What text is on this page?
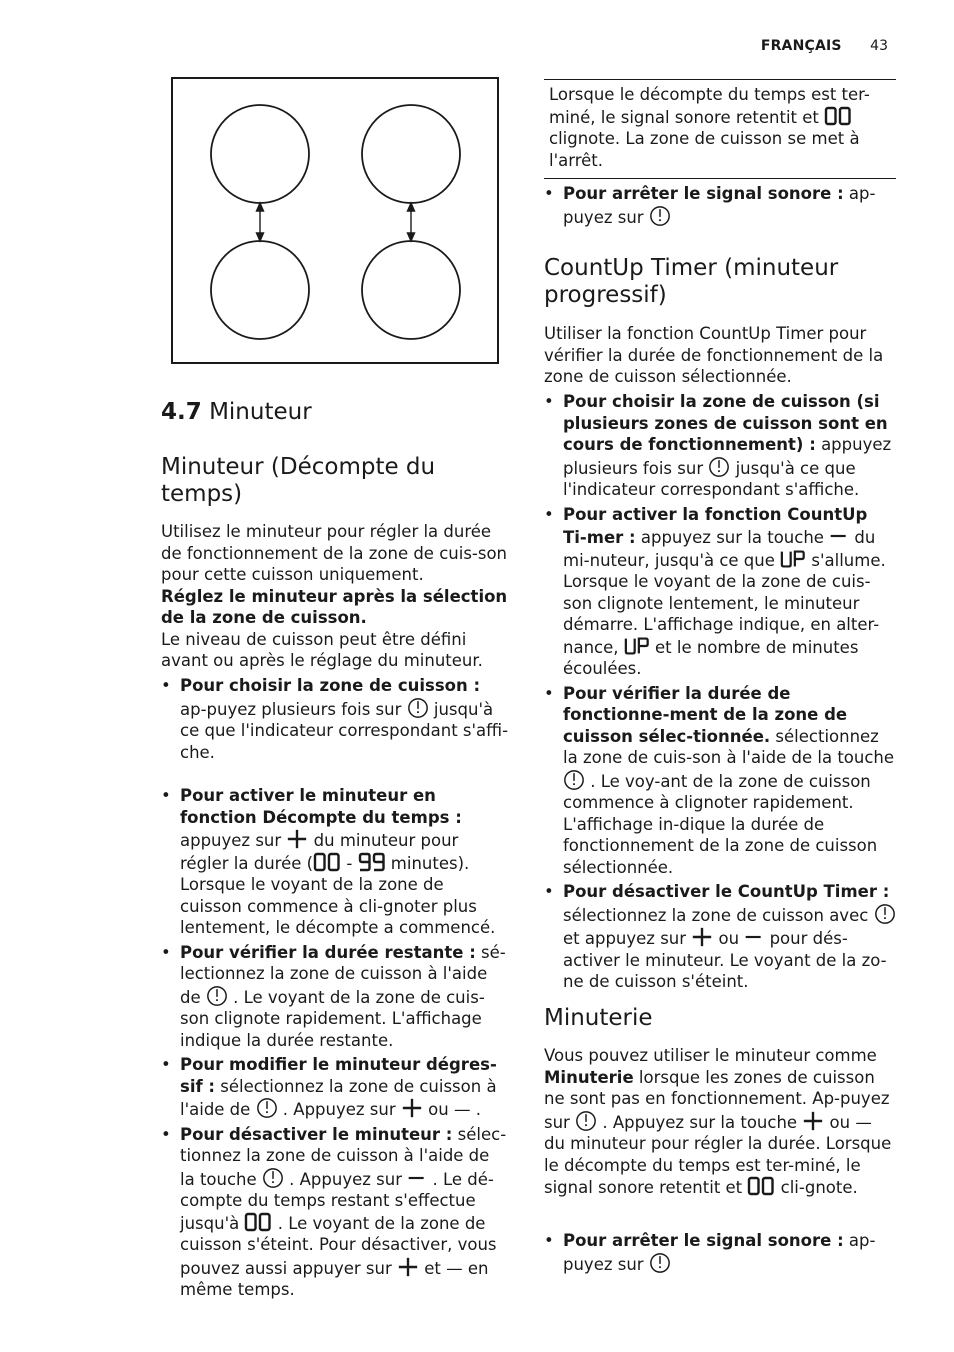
FRANÇAIS 43
4.7 Minuteur
Minuteur (Décompte du temps)

Utilisez le minuteur pour régler la durée de fonctionnement de la zone de cuis-son pour cette cuisson uniquement.

Réglez le minuteur après la sélection de la zone de cuisson.

Le niveau de cuisson peut être défini avant ou après le réglage du minuteur.

• Pour choisir la zone de cuisson : ap-puyez plusieurs fois sur
jusqu'à ce que l'indicateur correspondant s'affi-che.
• Pour activer le minuteur en fonction Décompte du temps : appuyez sur
du minuteur pour régler la durée (
-
minutes). Lorsque le voyant de la zone de cuisson commence à cli-gnoter plus lentement, le décompte a commencé.
• Pour vérifier la durée restante : sé-lectionnez la zone de cuisson à l'aide de
. Le voyant de la zone de cuis-son clignote rapidement. L'affichage indique la durée restante.
• Pour modifier le minuteur dégres-sif : sélectionnez la zone de cuisson à l'aide de
. Appuyez sur
ou — .
• Pour désactiver le minuteur : sélec-tionnez la zone de cuisson à l'aide de la touche
. Appuyez sur
. Le dé-compte du temps restant s'effectue jusqu'à
. Le voyant de la zone de cuisson s'éteint. Pour désactiver, vous pouvez aussi appuyer sur
et — en même temps.

Lorsque le décompte du temps est ter-miné, le signal sonore retentit et
clignote. La zone de cuisson se met à l'arrêt.

• Pour arrêter le signal sonore : ap-puyez sur
CountUp Timer (minuteur progressif)

Utiliser la fonction CountUp Timer pour vérifier la durée de fonctionnement de la zone de cuisson sélectionnée.

• Pour choisir la zone de cuisson (si plusieurs zones de cuisson sont en cours de fonctionnement) : appuyez plusieurs fois sur
jusqu'à ce que l'indicateur correspondant s'affiche.
• Pour activer la fonction CountUp Ti-mer : appuyez sur la touche
du mi-nuteur, jusqu'à ce que
s'allume. Lorsque le voyant de la zone de cuis-son clignote lentement, le minuteur démarre. L'affichage indique, en alter-nance,
et le nombre de minutes écoulées.
• Pour vérifier la durée de fonctionne-ment de la zone de cuisson sélec-tionnée. sélectionnez la zone de cuis-son à l'aide de la touche
. Le voy-ant de la zone de cuisson commence à clignoter rapidement. L'affichage in-dique la durée de fonctionnement de la zone de cuisson sélectionnée.
• Pour désactiver le CountUp Timer : sélectionnez la zone de cuisson avec
et appuyez sur
ou
pour dés-activer le minuteur. Le voyant de la zo-ne de cuisson s'éteint.
Minuterie

Vous pouvez utiliser le minuteur comme Minuterie lorsque les zones de cuisson ne sont pas en fonctionnement. Ap-puyez sur
. Appuyez sur la touche
ou — du minuteur pour régler la durée. Lorsque le décompte du temps est ter-miné, le signal sonore retentit et
cli-gnote.

• Pour arrêter le signal sonore : ap-puyez sur
